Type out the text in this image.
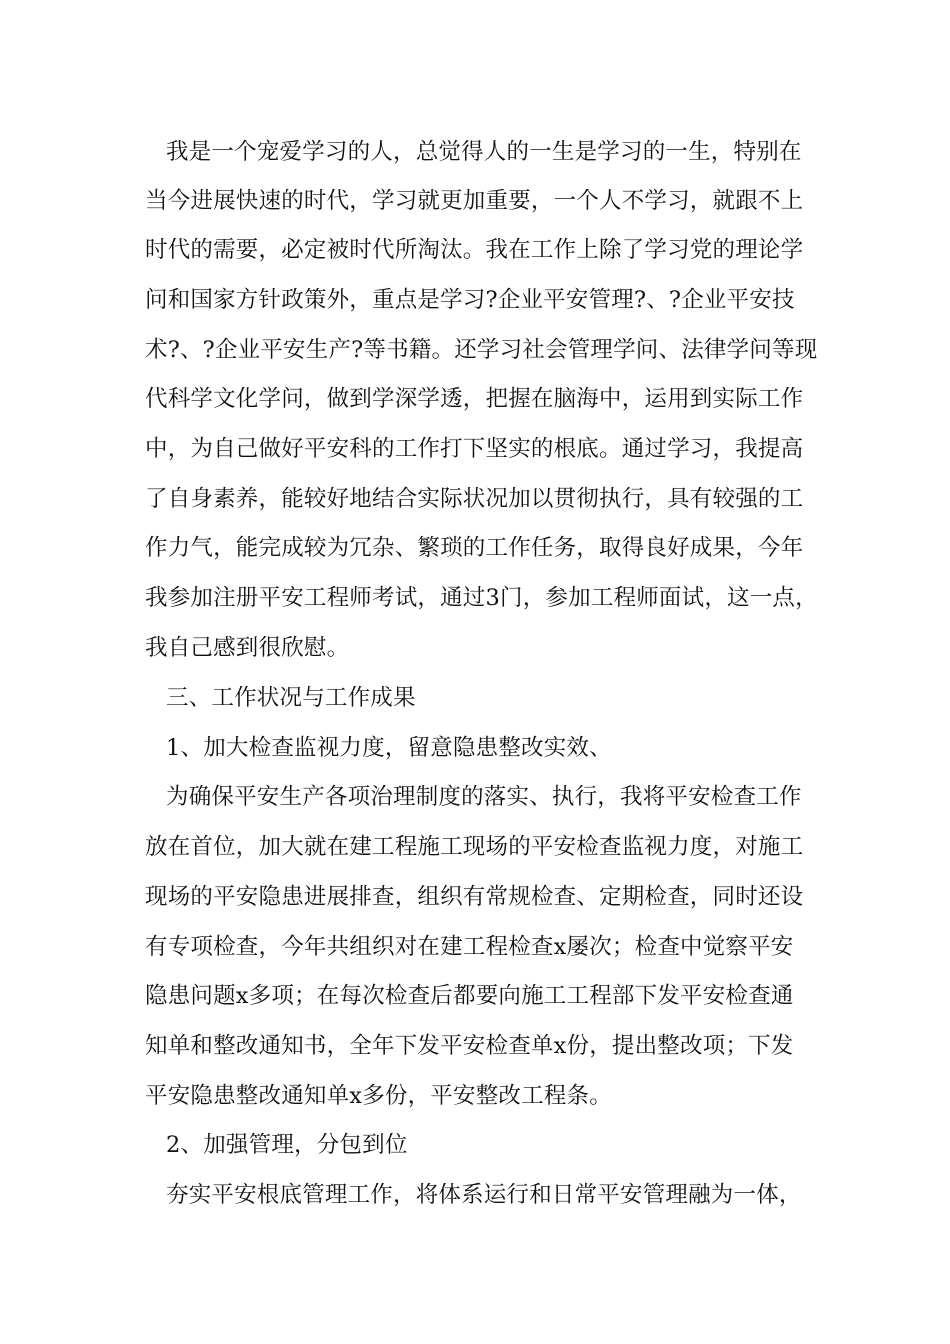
我是一个宠爱学习的人，总觉得人的一生是学习的一生，特别在
当今进展快速的时代，学习就更加重要，一个人不学习，就跟不上
时代的需要，必定被时代所淘汰。我在工作上除了学习党的理论学
问和国家方针政策外，重点是学习?企业平安管理?、?企业平安技
术?、?企业平安生产?等书籍。还学习社会管理学问、法律学问等现
代科学文化学问，做到学深学透，把握在脑海中，运用到实际工作
中，为自己做好平安科的工作打下坚实的根底。通过学习，我提高
了自身素养，能较好地结合实际状况加以贯彻执行，具有较强的工
作力气，能完成较为冗杂、繁琐的工作任务，取得良好成果，今年
我参加注册平安工程师考试，通过3门，参加工程师面试，这一点，
我自己感到很欣慰。
三、工作状况与工作成果
1、加大检查监视力度，留意隐患整改实效、
为确保平安生产各项治理制度的落实、执行，我将平安检查工作
放在首位，加大就在建工程施工现场的平安检查监视力度，对施工
现场的平安隐患进展排查，组织有常规检查、定期检查，同时还设
有专项检查，今年共组织对在建工程检查x屡次；检查中觉察平安
隐患问题x多项；在每次检查后都要向施工工程部下发平安检查通
知单和整改通知书，全年下发平安检查单x份，提出整改项；下发
平安隐患整改通知单x多份，平安整改工程条。
2、加强管理，分包到位
夯实平安根底管理工作，将体系运行和日常平安管理融为一体，
